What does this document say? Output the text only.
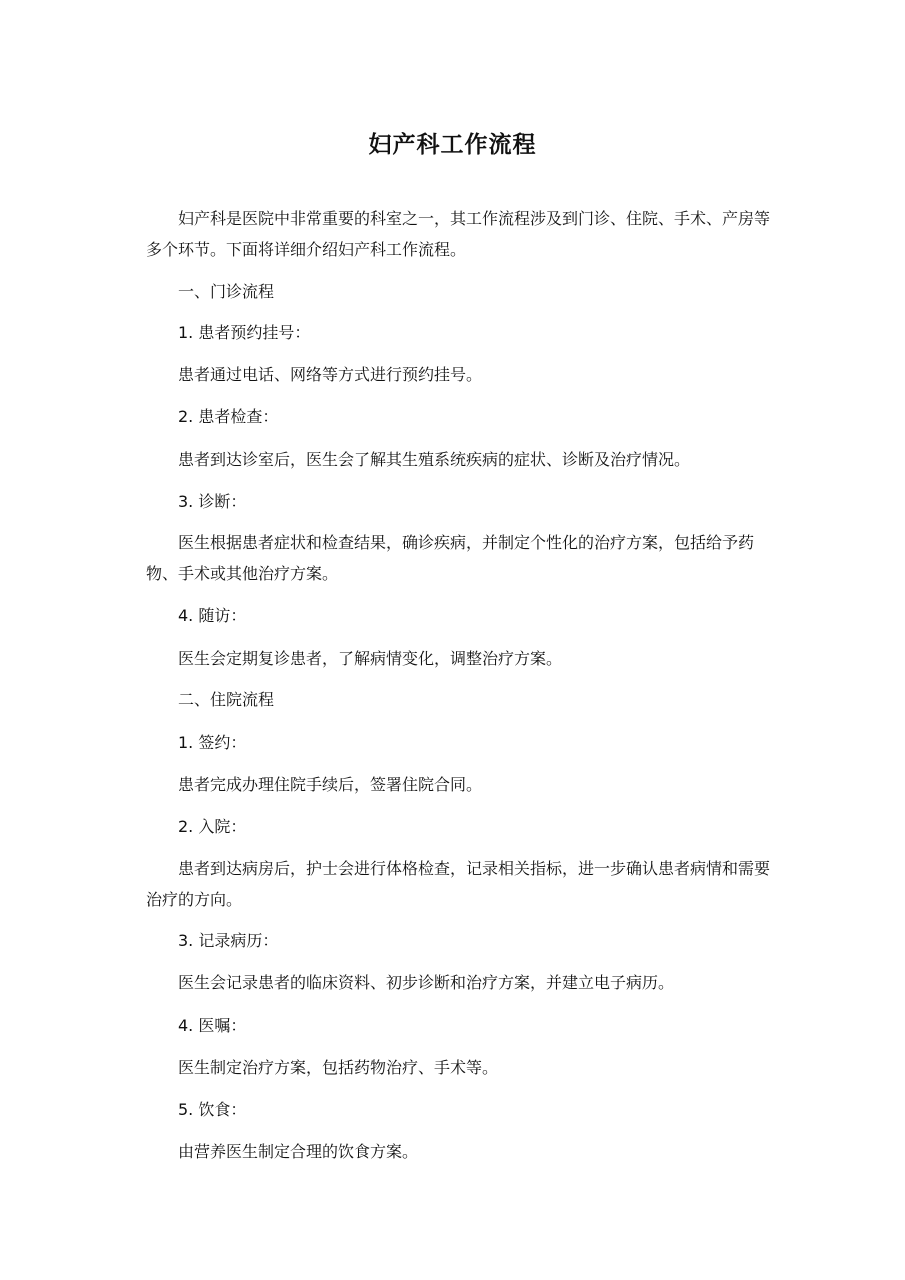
妇产科工作流程
妇产科是医院中非常重要的科室之一，其工作流程涉及到门诊、住院、手术、产房等多个环节。下面将详细介绍妇产科工作流程。
一、门诊流程
1. 患者预约挂号：
患者通过电话、网络等方式进行预约挂号。
2. 患者检查：
患者到达诊室后，医生会了解其生殖系统疾病的症状、诊断及治疗情况。
3. 诊断：
医生根据患者症状和检查结果，确诊疾病，并制定个性化的治疗方案，包括给予药物、手术或其他治疗方案。
4. 随访：
医生会定期复诊患者，了解病情变化，调整治疗方案。
二、住院流程
1. 签约：
患者完成办理住院手续后，签署住院合同。
2. 入院：
患者到达病房后，护士会进行体格检查，记录相关指标，进一步确认患者病情和需要治疗的方向。
3. 记录病历：
医生会记录患者的临床资料、初步诊断和治疗方案，并建立电子病历。
4. 医嘱：
医生制定治疗方案，包括药物治疗、手术等。
5. 饮食：
由营养医生制定合理的饮食方案。
